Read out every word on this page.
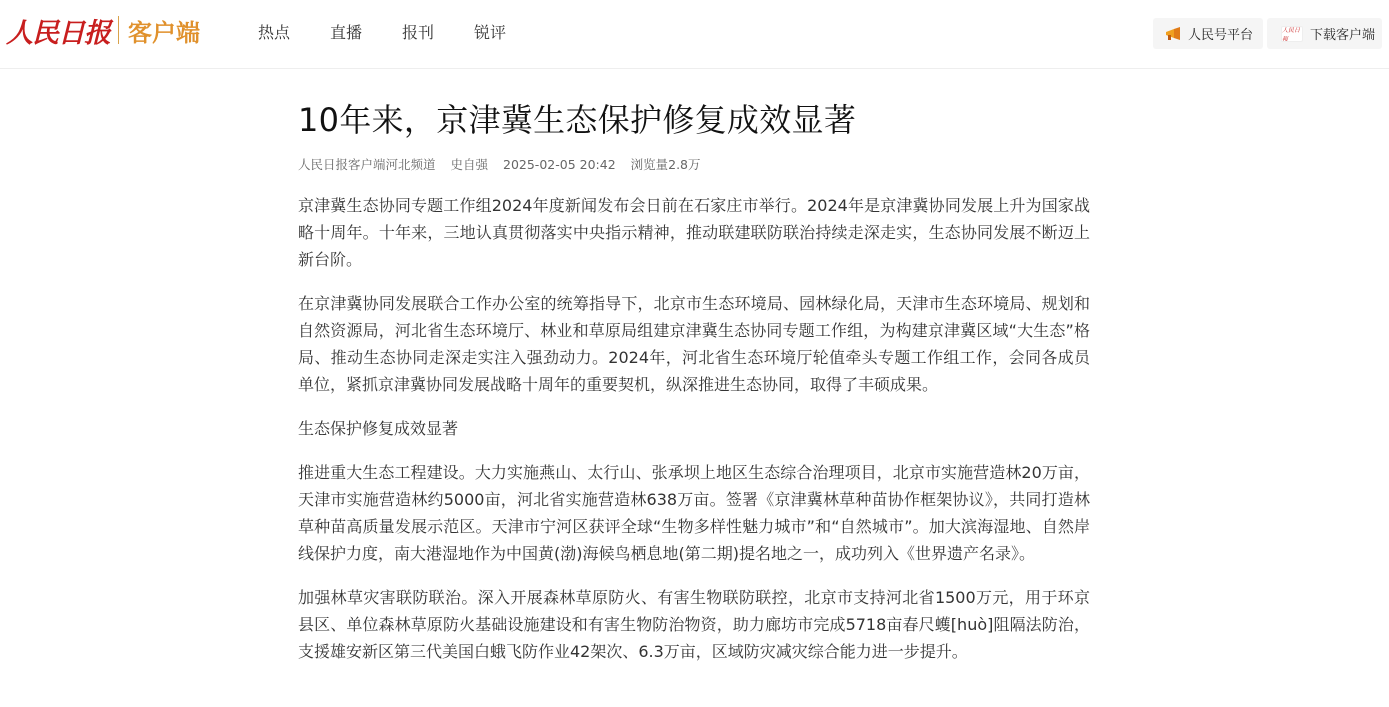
人民日报 客户端	热点	直播	报刊	锐评	人民号平台	人民日報	下载客户端
10年来，京津冀生态保护修复成效显著
人民日报客户端河北频道 史自强 2025-02-05 20:42 浏览量2.8万

京津冀生态协同专题工作组2024年度新闻发布会日前在石家庄市举行。2024年是京津冀协同发展上升为国家战略十周年。十年来，三地认真贯彻落实中央指示精神，推动联建联防联治持续走深走实，生态协同发展不断迈上新台阶。

在京津冀协同发展联合工作办公室的统筹指导下，北京市生态环境局、园林绿化局，天津市生态环境局、规划和自然资源局，河北省生态环境厅、林业和草原局组建京津冀生态协同专题工作组，为构建京津冀区域“大生态”格局、推动生态协同走深走实注入强劲动力。2024年，河北省生态环境厅轮值牵头专题工作组工作，会同各成员单位，紧抓京津冀协同发展战略十周年的重要契机，纵深推进生态协同，取得了丰硕成果。

生态保护修复成效显著

推进重大生态工程建设。大力实施燕山、太行山、张承坝上地区生态综合治理项目，北京市实施营造林20万亩，天津市实施营造林约5000亩，河北省实施营造林638万亩。签署《京津冀林草种苗协作框架协议》，共同打造林草种苗高质量发展示范区。天津市宁河区获评全球“生物多样性魅力城市”和“自然城市”。加大滨海湿地、自然岸线保护力度，南大港湿地作为中国黄(渤)海候鸟栖息地(第二期)提名地之一，成功列入《世界遗产名录》。

加强林草灾害联防联治。深入开展森林草原防火、有害生物联防联控，北京市支持河北省1500万元，用于环京县区、单位森林草原防火基础设施建设和有害生物防治物资，助力廊坊市完成5718亩春尺蠖[huò]阻隔法防治，支援雄安新区第三代美国白蛾飞防作业42架次、6.3万亩，区域防灾减灾综合能力进一步提升。
